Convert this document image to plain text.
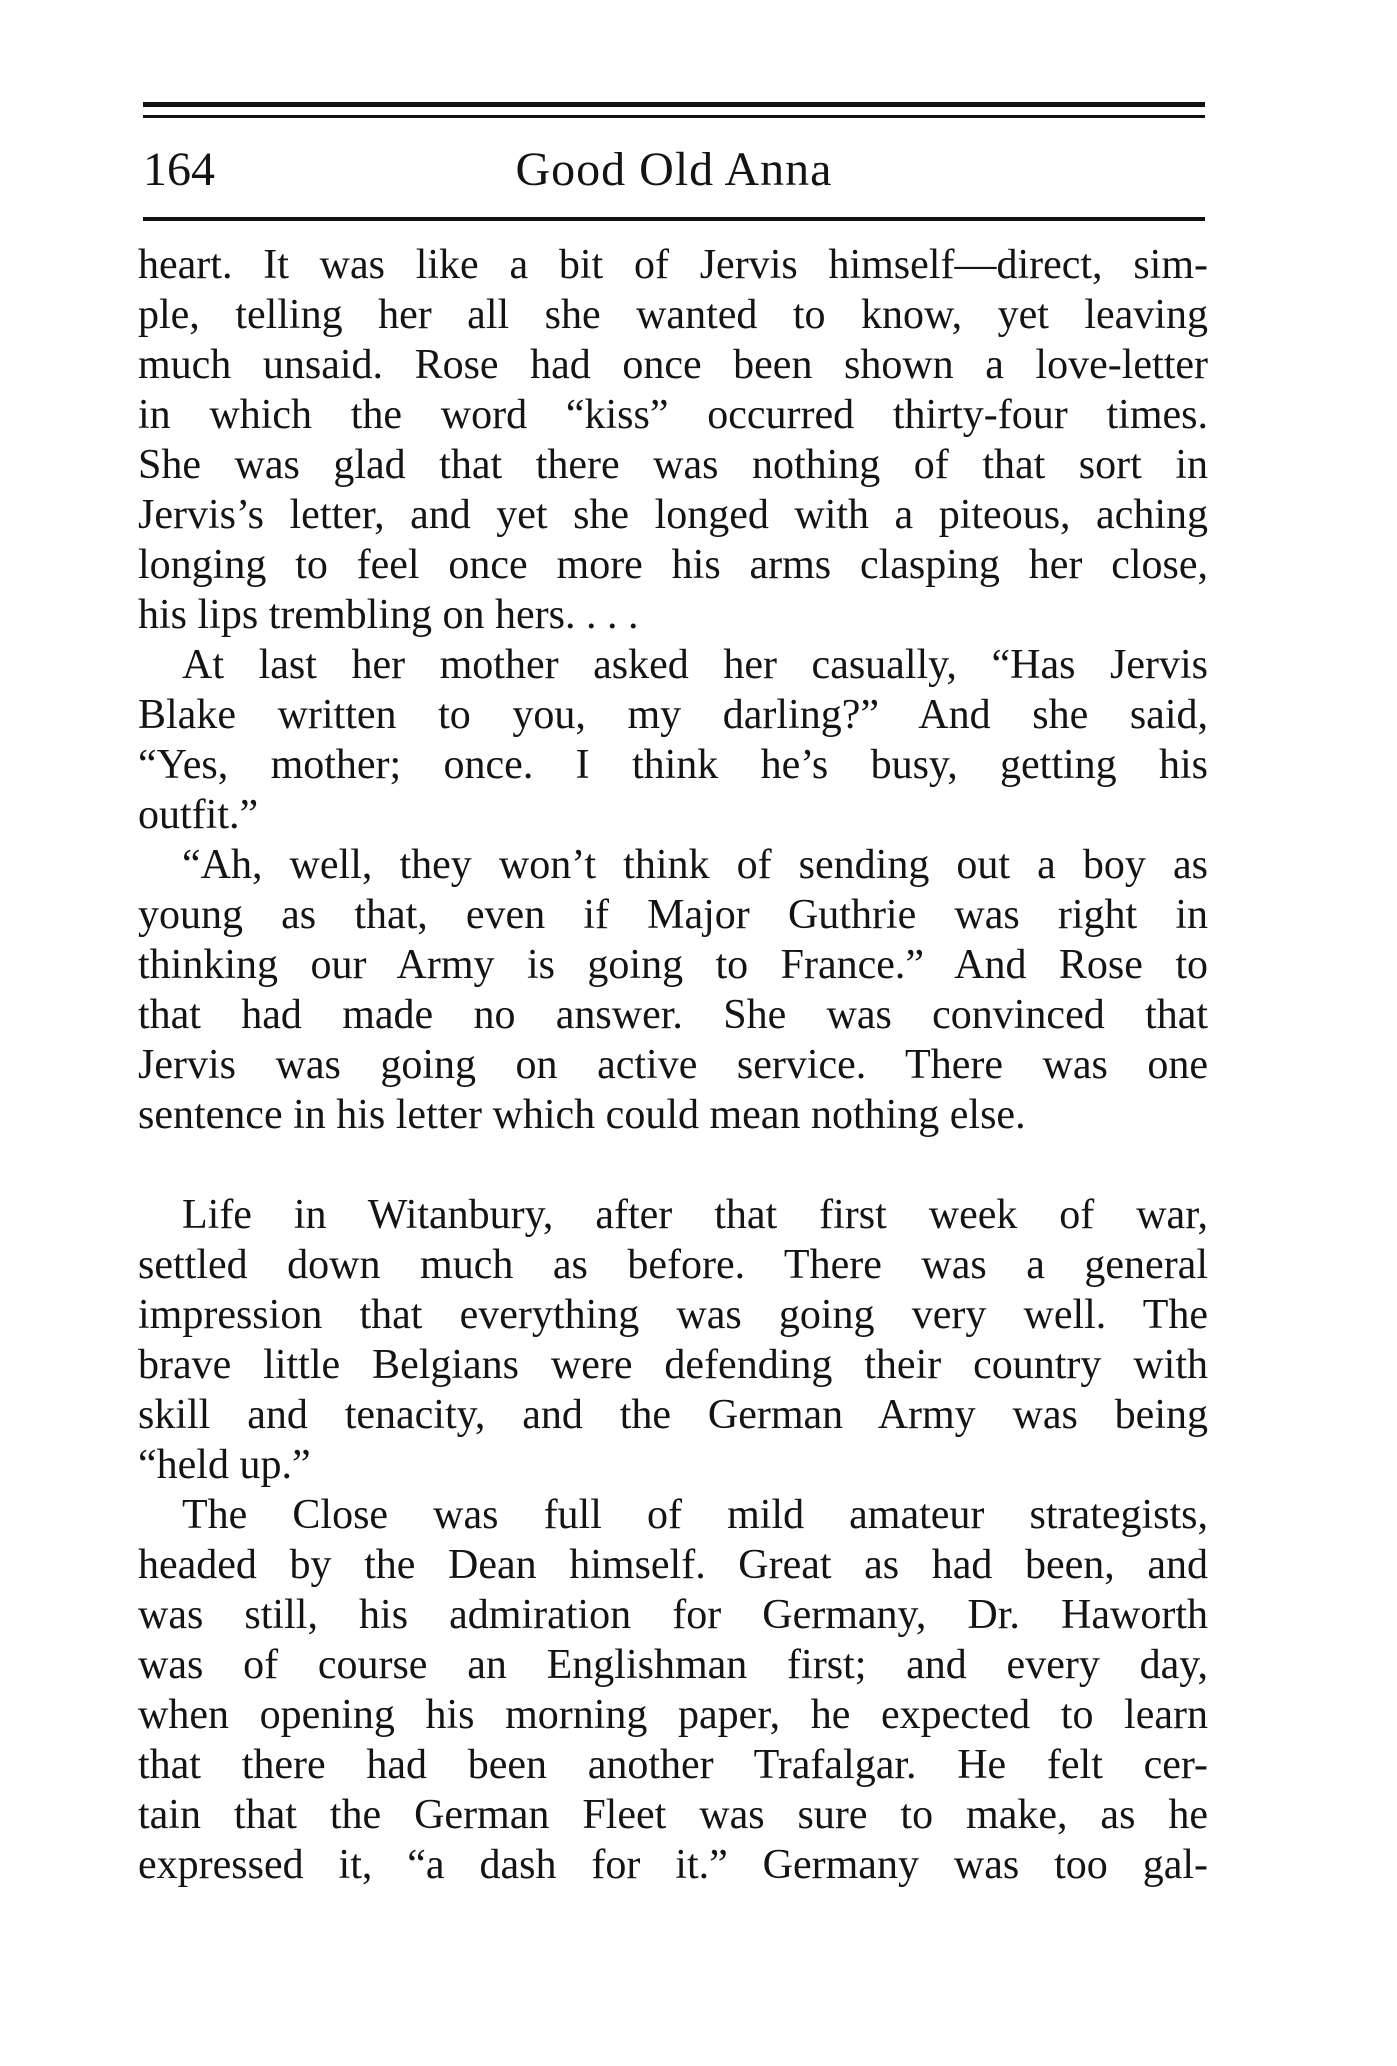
164	Good Old Anna
heart. It was like a bit of Jervis himself—direct, sim-
ple, telling her all she wanted to know, yet leaving
much unsaid. Rose had once been shown a love-letter
in which the word “kiss” occurred thirty-four times.
She was glad that there was nothing of that sort in
Jervis’s letter, and yet she longed with a piteous, aching
longing to feel once more his arms clasping her close,
his lips trembling on hers. . . .
At last her mother asked her casually, “Has Jervis
Blake written to you, my darling?” And she said,
“Yes, mother; once. I think he’s busy, getting his
outfit.”
“Ah, well, they won’t think of sending out a boy as
young as that, even if Major Guthrie was right in
thinking our Army is going to France.” And Rose to
that had made no answer. She was convinced that
Jervis was going on active service. There was one
sentence in his letter which could mean nothing else.
Life in Witanbury, after that first week of war,
settled down much as before. There was a general
impression that everything was going very well. The
brave little Belgians were defending their country with
skill and tenacity, and the German Army was being
“held up.”
The Close was full of mild amateur strategists,
headed by the Dean himself. Great as had been, and
was still, his admiration for Germany, Dr. Haworth
was of course an Englishman first; and every day,
when opening his morning paper, he expected to learn
that there had been another Trafalgar. He felt cer-
tain that the German Fleet was sure to make, as he
expressed it, “a dash for it.” Germany was too gal-
